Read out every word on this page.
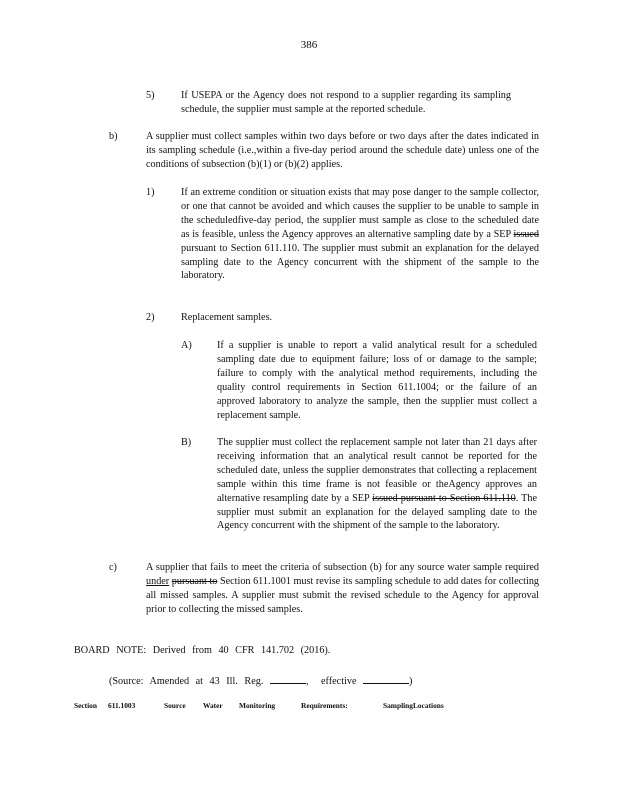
386
5)	If USEPA or the Agency does not respond to a supplier regarding its sampling schedule, the supplier must sample at the reported schedule.
b)	A supplier must collect samples within two days before or two days after the dates indicated in its sampling schedule (i.e.,within a five-day period around the schedule date) unless one of the conditions of subsection (b)(1) or (b)(2) applies.
1)	If an extreme condition or situation exists that may pose danger to the sample collector, or one that cannot be avoided and which causes the supplier to be unable to sample in the scheduledfive-day period, the supplier must sample as close to the scheduled date as is feasible, unless the Agency approves an alternative sampling date by a SEP issued pursuant to Section 611.110. The supplier must submit an explanation for the delayed sampling date to the Agency concurrent with the shipment of the sample to the laboratory.
2)	Replacement samples.
A) If a supplier is unable to report a valid analytical result for a scheduled sampling date due to equipment failure; loss of or damage to the sample; failure to comply with the analytical method requirements, including the quality control requirements in Section 611.1004; or the failure of an approved laboratory to analyze the sample, then the supplier must collect a replacement sample.
B)	The supplier must collect the replacement sample not later than 21 days after receiving information that an analytical result cannot be reported for the scheduled date, unless the supplier demonstrates that collecting a replacement sample within this time frame is not feasible or theAgency approves an alternative resampling date by a SEP issued pursuant to Section 611.110. The supplier must submit an explanation for the delayed sampling date to the Agency concurrent with the shipment of the sample to the laboratory.
c)	A supplier that fails to meet the criteria of subsection (b) for any source water sample required under pursuant to Section 611.1001 must revise its sampling schedule to add dates for collecting all missed samples. A supplier must submit the revised schedule to the Agency for approval prior to collecting the missed samples.
BOARD NOTE: Derived from 40 CFR 141.702 (2016).
(Source: Amended at 43 Ill. Reg.	, effective	)
Section 611.1003	Source Water Monitoring	Requirements:	SamplingLocations
